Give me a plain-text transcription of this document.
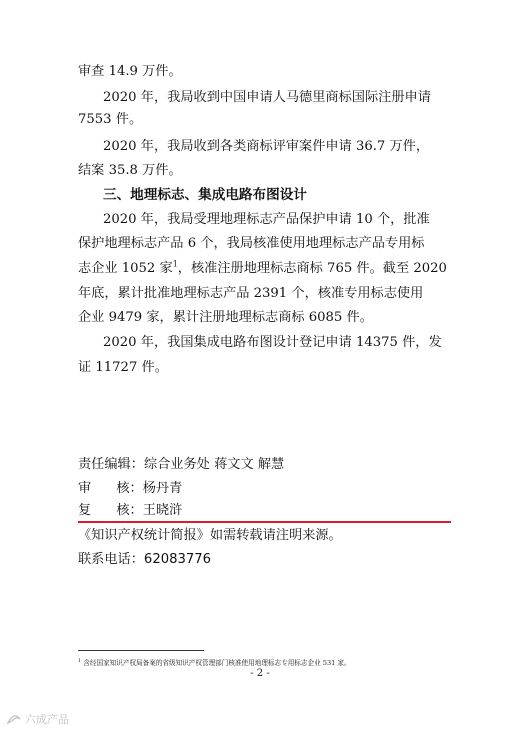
审查 14.9 万件。
2020 年，我局收到中国申请人马德里商标国际注册申请
7553 件。
2020 年，我局收到各类商标评审案件申请 36.7 万件，
结案 35.8 万件。
三、地理标志、集成电路布图设计
2020 年，我局受理地理标志产品保护申请 10 个，批准
保护地理标志产品 6 个，我局核准使用地理标志产品专用标
志企业 1052 家$^1$，核准注册地理标志商标 765 件。截至 2020
年底，累计批准地理标志产品 2391 个，核准专用标志使用
企业 9479 家，累计注册地理标志商标 6085 件。
2020 年，我国集成电路布图设计登记申请 14375 件，发
证 11727 件。
责任编辑：综合业务处 蒋文文 解慧
审      核：杨丹青
复      核：王晓浒
《知识产权统计简报》如需转载请注明来源。
联系电话：62083776
$^1$ 含经国家知识产权局备案的省级知识产权管理部门核准使用地理标志专用标志企业 531 家。
- 2 -
六成产品
